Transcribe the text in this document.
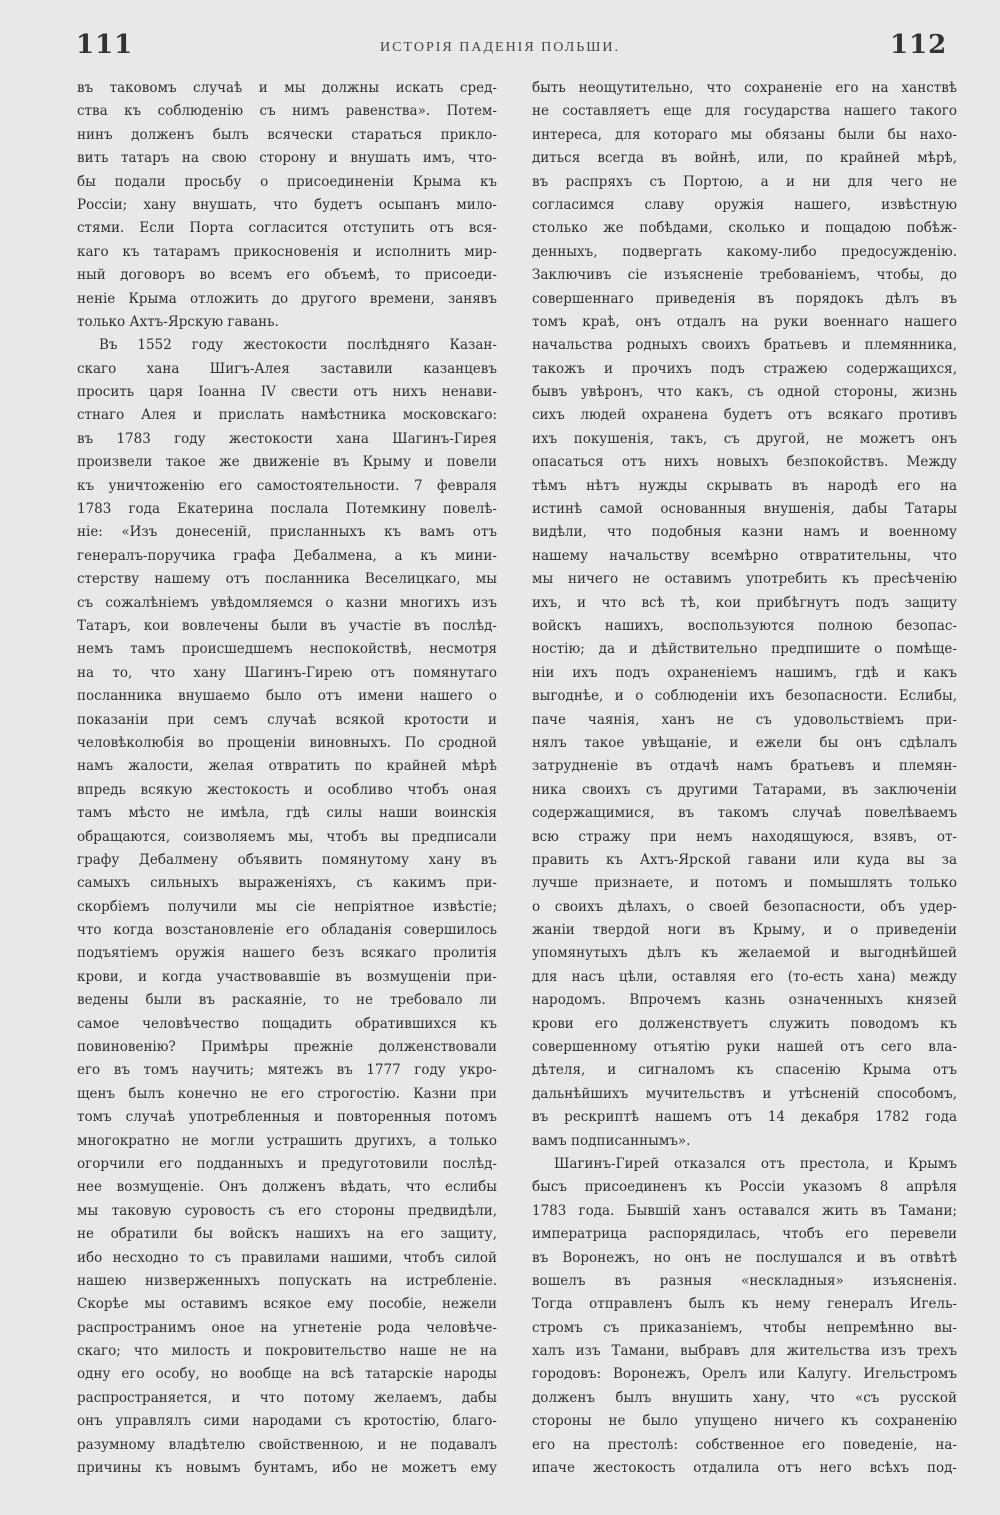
111	ИСТОРІЯ ПАДЕНІЯ ПОЛЬШИ.	112
въ таковомъ случаѣ и мы должны искать сред-
ства къ соблюденію съ нимъ равенства». Потем-
нинъ долженъ былъ всячески стараться прикло-
вить татаръ на свою сторону и внушать имъ, что-
бы подали просьбу о присоединеніи Крыма къ
Россіи; хану внушать, что будетъ осыпанъ мило-
стями. Если Порта согласится отступить отъ вся-
каго къ татарамъ прикосновенія и исполнить мир-
ный договоръ во всемъ его объемѣ, то присоеди-
неніе Крыма отложить до другого времени, занявъ
только Ахтъ-Ярскую гавань.
Въ 1552 году жестокости послѣдняго Казан-
скаго хана Шигъ-Алея заставили казанцевъ
просить царя Іоанна IV свести отъ нихъ ненави-
стнаго Алея и прислать намѣстника московскаго:
въ 1783 году жестокости хана Шагинъ-Гирея
произвели такое же движеніе въ Крыму и повели
къ уничтоженію его самостоятельности. 7 февраля
1783 года Екатерина послала Потемкину повелѣ-
ніе: «Изъ донесеній, присланныхъ къ вамъ отъ
генералъ-поручика графа Дебалмена, а къ мини-
стерству нашему отъ посланника Веселицкаго, мы
съ сожалѣніемъ увѣдомляемся о казни многихъ изъ
Татаръ, кои вовлечены были въ участіе въ послѣд-
немъ тамъ происшедшемъ неспокойствѣ, несмотря
на то, что хану Шагинъ-Гирею отъ помянутаго
посланника внушаемо было отъ имени нашего о
показаніи при семъ случаѣ всякой кротости и
человѣколюбія во прощеніи виновныхъ. По сродной
намъ жалости, желая отвратить по крайней мѣрѣ
впредь всякую жестокость и особливо чтобъ оная
тамъ мѣсто не имѣла, гдѣ силы наши воинскія
обращаются, соизволяемъ мы, чтобъ вы предписали
графу Дебалмену объявить помянутому хану въ
самыхъ сильныхъ выраженіяхъ, съ какимъ при-
скорбіемъ получили мы сіе непріятное извѣстіе;
что когда возстановленіе его обладанія совершилось
подъятіемъ оружія нашего безъ всякаго пролитія
крови, и когда участвовавшіе въ возмущеніи при-
ведены были въ раскаяніе, то не требовало ли
самое человѣчество пощадить обратившихся къ
повиновенію? Примѣры прежніе долженствовали
его въ томъ научить; мятежъ въ 1777 году укро-
щенъ былъ конечно не его строгостію. Казни при
томъ случаѣ употребленныя и повторенныя потомъ
многократно не могли устрашить другихъ, а только
огорчили его подданныхъ и предуготовили послѣд-
нее возмущеніе. Онъ долженъ вѣдать, что еслибы
мы таковую суровость съ его стороны предвидѣли,
не обратили бы войскъ нашихъ на его защиту,
ибо несходно то съ правилами нашими, чтобъ силой
нашею низверженныхъ попускать на истребленіе.
Скорѣе мы оставимъ всякое ему пособіе, нежели
распространимъ оное на угнетеніе рода человѣче-
скаго; что милость и покровительство наше не на
одну его особу, но вообще на всѣ татарскіе народы
распространяется, и что потому желаемъ, дабы
онъ управлялъ сими народами съ кротостію, благо-
разумному владѣтелю свойственною, и не подавалъ
причины къ новымъ бунтамъ, ибо не можетъ ему
быть неощутительно, что сохраненіе его на ханствѣ
не составляетъ еще для государства нашего такого
интереса, для котораго мы обязаны были бы нахо-
диться всегда въ войнѣ, или, по крайней мѣрѣ,
въ распряхъ съ Портою, а и ни для чего не
согласимся славу оружія нашего, извѣстную
столько же побѣдами, сколько и пощадою побѣж-
денныхъ, подвергать какому-либо предосужденію.
Заключивъ сіе изъясненіе требованіемъ, чтобы, до
совершеннаго приведенія въ порядокъ дѣлъ въ
томъ краѣ, онъ отдалъ на руки военнаго нашего
начальства родныхъ своихъ братьевъ и племянника,
такожъ и прочихъ подъ стражею содержащихся,
бывъ увѣронъ, что какъ, съ одной стороны, жизнь
сихъ людей охранена будетъ отъ всякаго противъ
ихъ покушенія, такъ, съ другой, не можетъ онъ
опасаться отъ нихъ новыхъ безпокойствъ. Между
тѣмъ нѣтъ нужды скрывать въ народѣ его на
истинѣ самой основанныя внушенія, дабы Татары
видѣли, что подобныя казни намъ и военному
нашему начальству всемѣрно отвратительны, что
мы ничего не оставимъ употребить къ пресѣченію
ихъ, и что всѣ тѣ, кои прибѣгнутъ подъ защиту
войскъ нашихъ, воспользуются полною безопас-
ностію; да и дѣйствительно предпишите о помѣще-
ніи ихъ подъ охраненіемъ нашимъ, гдѣ и какъ
выгоднѣе, и о соблюденіи ихъ безопасности. Еслибы,
паче чаянія, ханъ не съ удовольствіемъ при-
нялъ такое увѣщаніе, и ежели бы онъ сдѣлалъ
затрудненіе въ отдачѣ намъ братьевъ и племян-
ника своихъ съ другими Татарами, въ заключеніи
содержащимися, въ такомъ случаѣ повелѣваемъ
всю стражу при немъ находящуюся, взявъ, от-
править къ Ахтъ-Ярской гавани или куда вы за
лучше признаете, и потомъ и помышлять только
о своихъ дѣлахъ, о своей безопасности, объ удер-
жаніи твердой ноги въ Крыму, и о приведеніи
упомянутыхъ дѣлъ къ желаемой и выгоднѣйшей
для насъ цѣли, оставляя его (то-есть хана) между
народомъ. Впрочемъ казнь означенныхъ князей
крови его долженствуетъ служить поводомъ къ
совершенному отъятію руки нашей отъ сего вла-
дѣтеля, и сигналомъ къ спасенію Крыма отъ
дальнѣйшихъ мучительствъ и утѣсненій способомъ,
въ рескриптѣ нашемъ отъ 14 декабря 1782 года
вамъ подписаннымъ».
Шагинъ-Гирей отказался отъ престола, и Крымъ
бысъ присоединенъ къ Россіи указомъ 8 апрѣля
1783 года. Бывшій ханъ оставался жить въ Тамани;
императрица распорядилась, чтобъ его перевели
въ Воронежъ, но онъ не послушался и въ отвѣтѣ
вошелъ въ разныя «нескладныя» изъясненія.
Тогда отправленъ былъ къ нему генералъ Игель-
стромъ съ приказаніемъ, чтобы непремѣнно вы-
халъ изъ Тамани, выбравъ для жительства изъ трехъ
городовъ: Воронежъ, Орелъ или Калугу. Игельстромъ
долженъ былъ внушить хану, что «съ русской
стороны не было упущено ничего къ сохраненію
его на престолѣ: собственное его поведеніе, на-
ипаче жестокость отдалила отъ него всѣхъ под-
